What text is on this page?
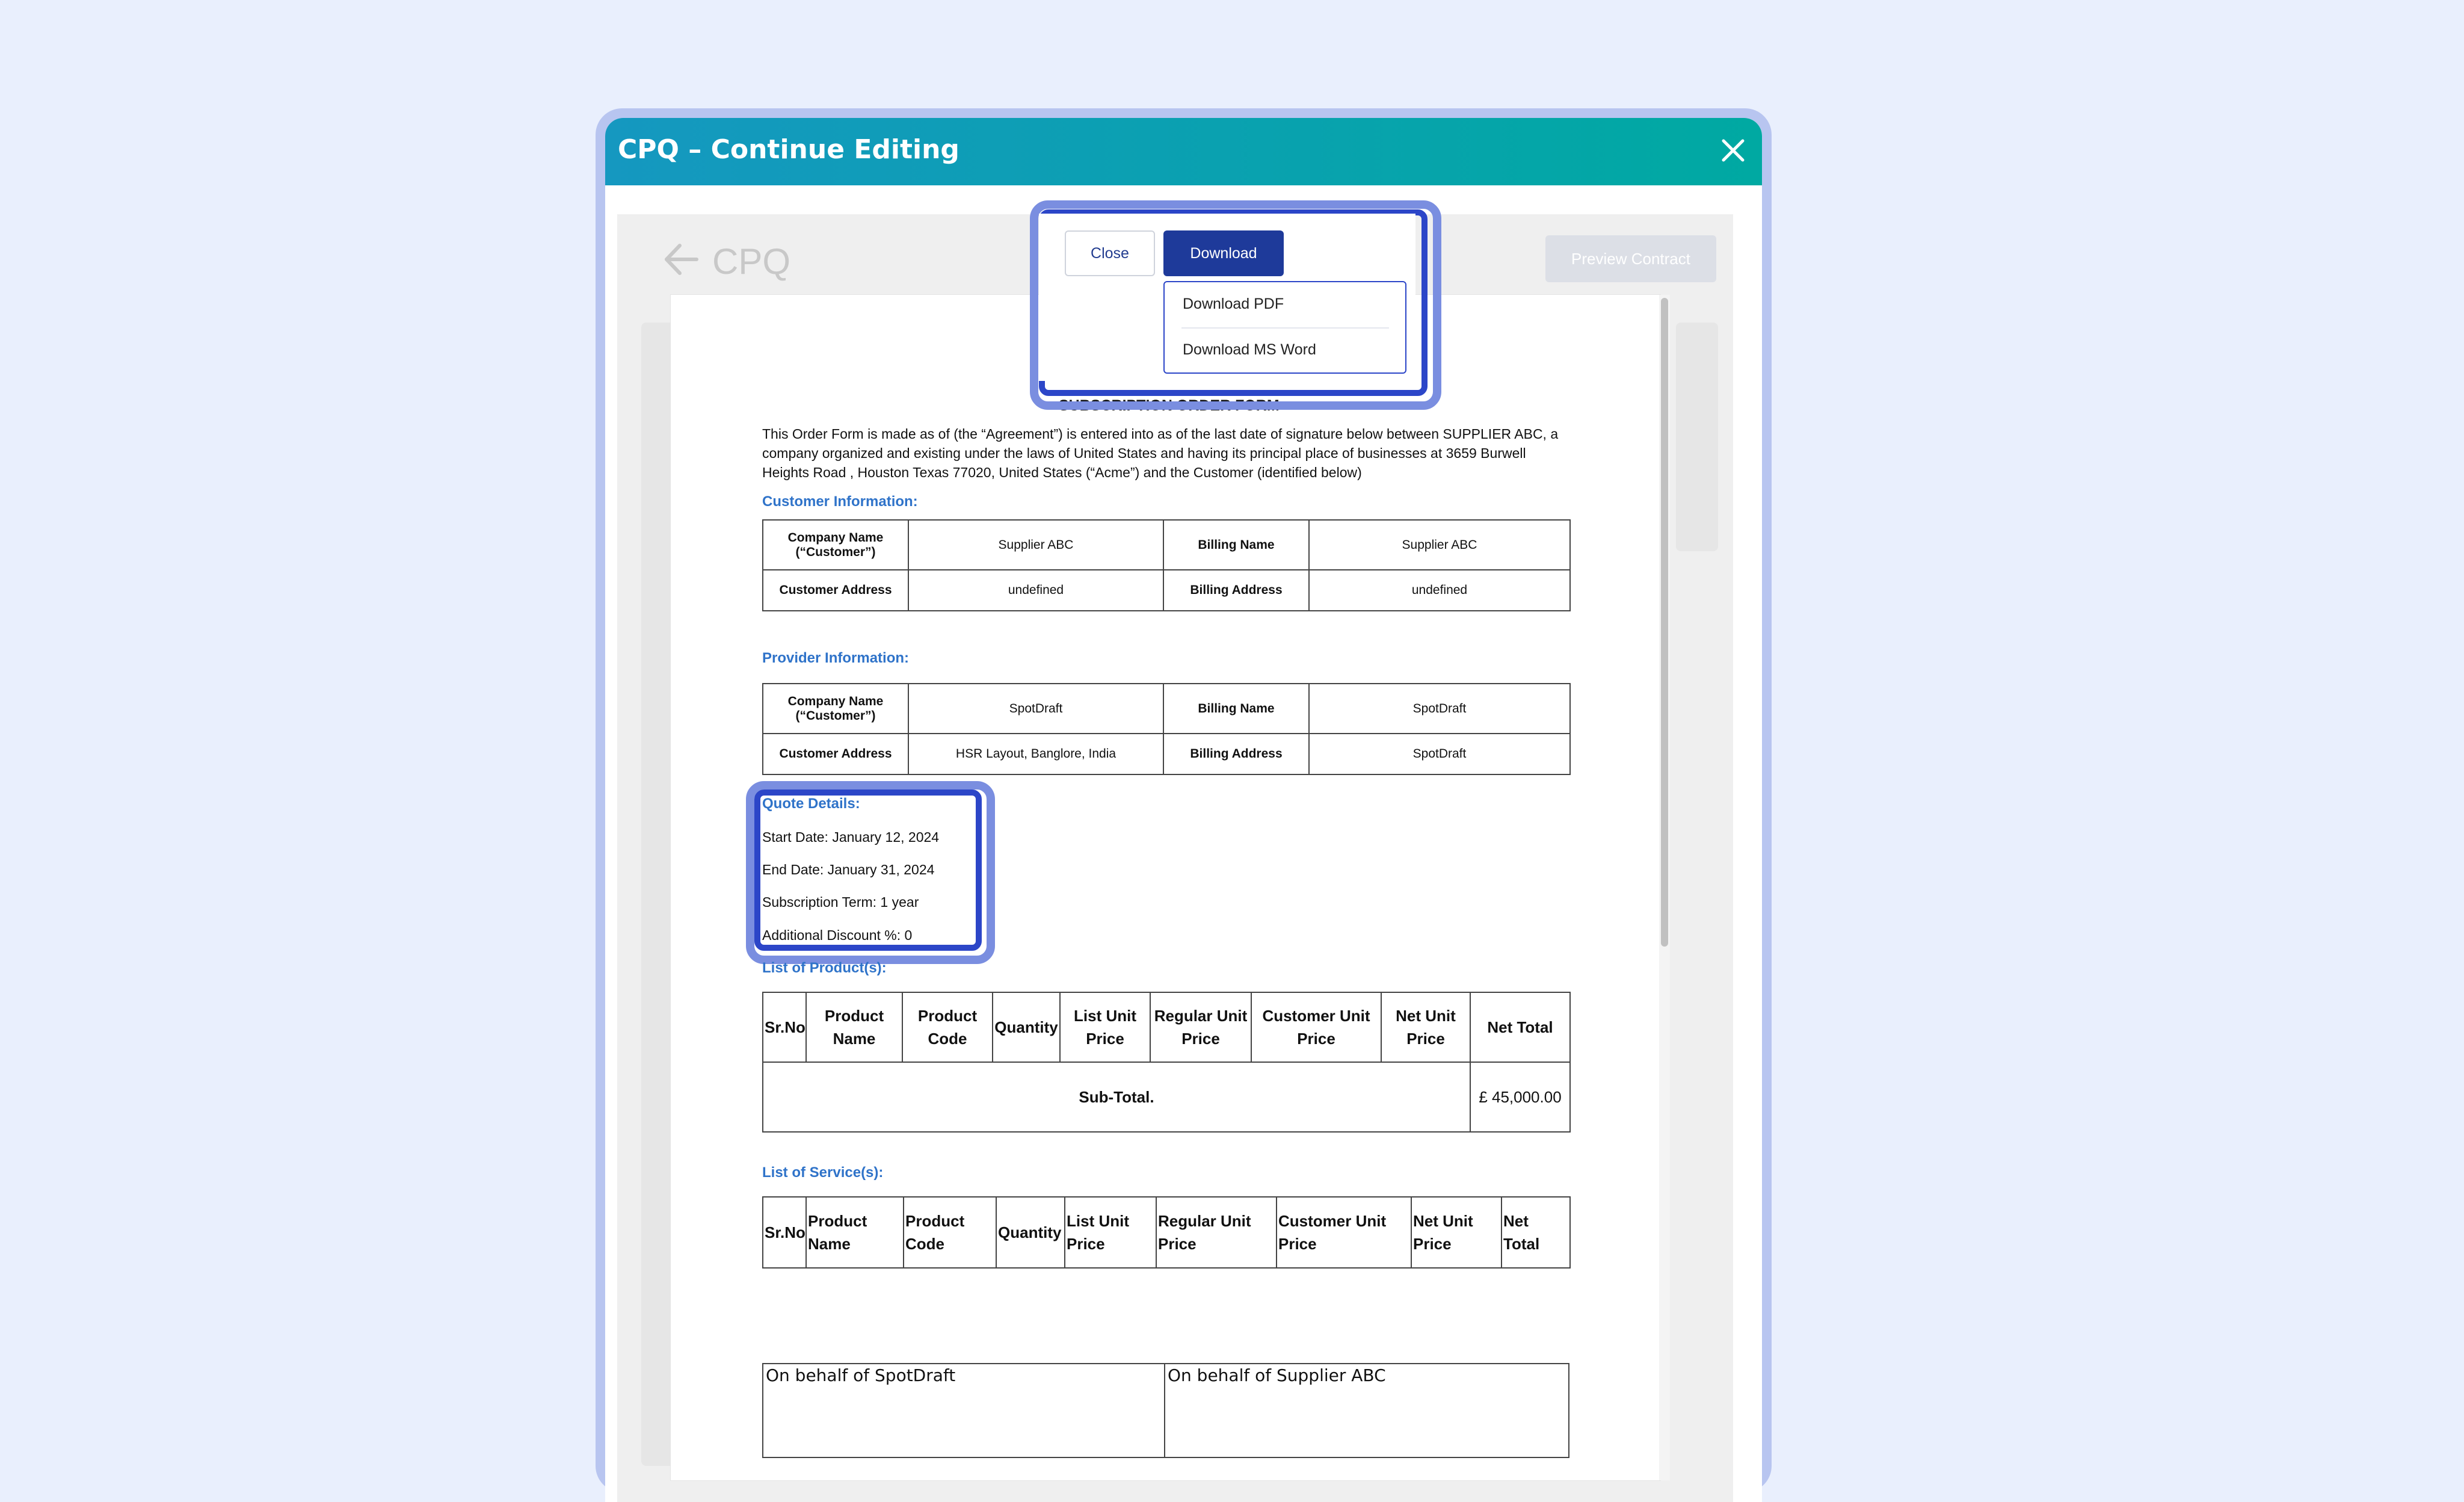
CPQ – Continue Editing
CPQ	Preview Contract
SUBSCRIPTION ORDER FORM
This Order Form is made as of (the “Agreement”) is entered into as of the last date of signature below between SUPPLIER ABC, a company organized and existing under the laws of United States and having its principal place of businesses at 3659 Burwell Heights Road , Houston Texas 77020, United States (“Acme”) and the Customer (identified below)
Customer Information:
Company Name (“Customer”)	Supplier ABC	Billing Name	Supplier ABC
Customer Address	undefined	Billing Address	undefined
Provider Information:
Company Name (“Customer”)	SpotDraft	Billing Name	SpotDraft
Customer Address	HSR Layout, Banglore, India	Billing Address	SpotDraft
Quote Details:
Start Date: January 12, 2024
End Date: January 31, 2024
Subscription Term: 1 year
Additional Discount %: 0
List of Product(s):
Sr.No	Product Name	Product Code	Quantity	List Unit Price	Regular Unit Price	Customer Unit Price	Net Unit Price	Net Total
Sub-Total.								£ 45,000.00
List of Service(s):
Sr.No	Product Name	Product Code	Quantity	List Unit Price	Regular Unit Price	Customer Unit Price	Net Unit Price	Net Total
On behalf of SpotDraft	On behalf of Supplier ABC
Close	Download
Download PDF
Download MS Word
